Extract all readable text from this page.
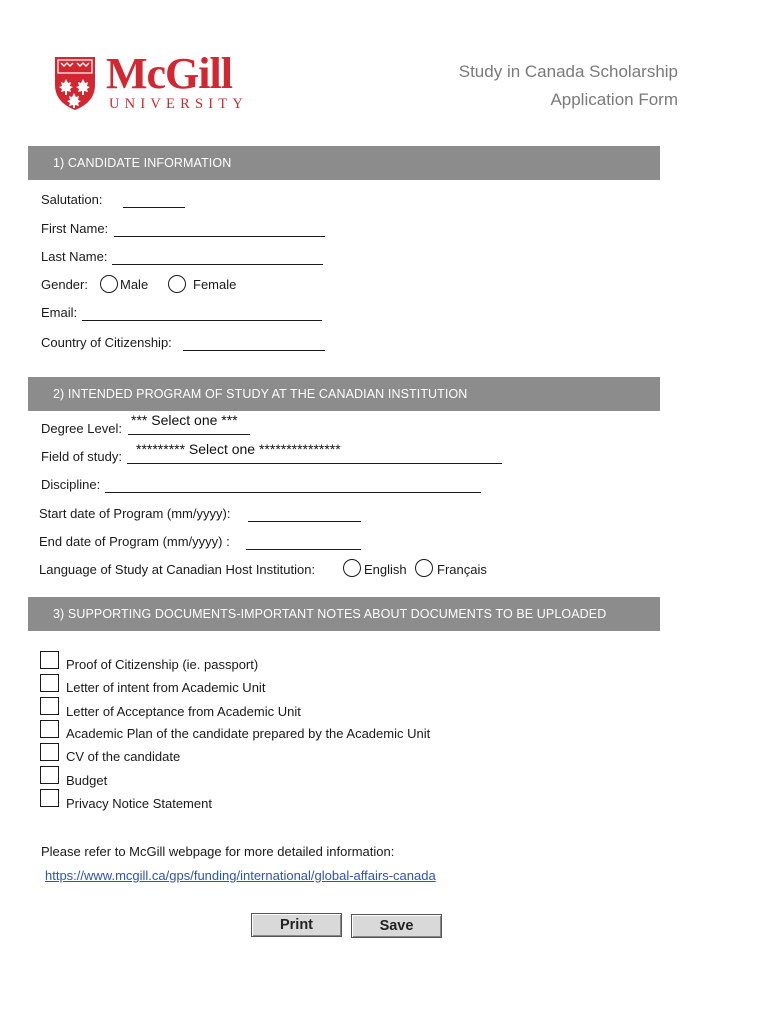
McGill
UNIVERSITY
Study in Canada Scholarship
Application Form
1) CANDIDATE INFORMATION
Salutation:
First Name:
Last Name:
Gender: Male	Female
Email:
Country of Citizenship:
2) INTENDED PROGRAM OF STUDY AT THE CANADIAN INSTITUTION
Degree Level:
*** Select one ***
Field of study: ********* Select one ***************
Discipline:
Start date of Program (mm/yyyy):
End date of Program (mm/yyyy) :
Language of Study at Canadian Host Institution:	English Français
3) SUPPORTING DOCUMENTS-IMPORTANT NOTES ABOUT DOCUMENTS TO BE UPLOADED
Proof of Citizenship (ie. passport)
Letter of intent from Academic Unit
Letter of Acceptance from Academic Unit
Academic Plan of the candidate prepared by the Academic Unit
CV of the candidate
Budget
Privacy Notice Statement
Please refer to McGill webpage for more detailed information:
https://www.mcgill.ca/gps/funding/international/global-affairs-canada
Print	Save
